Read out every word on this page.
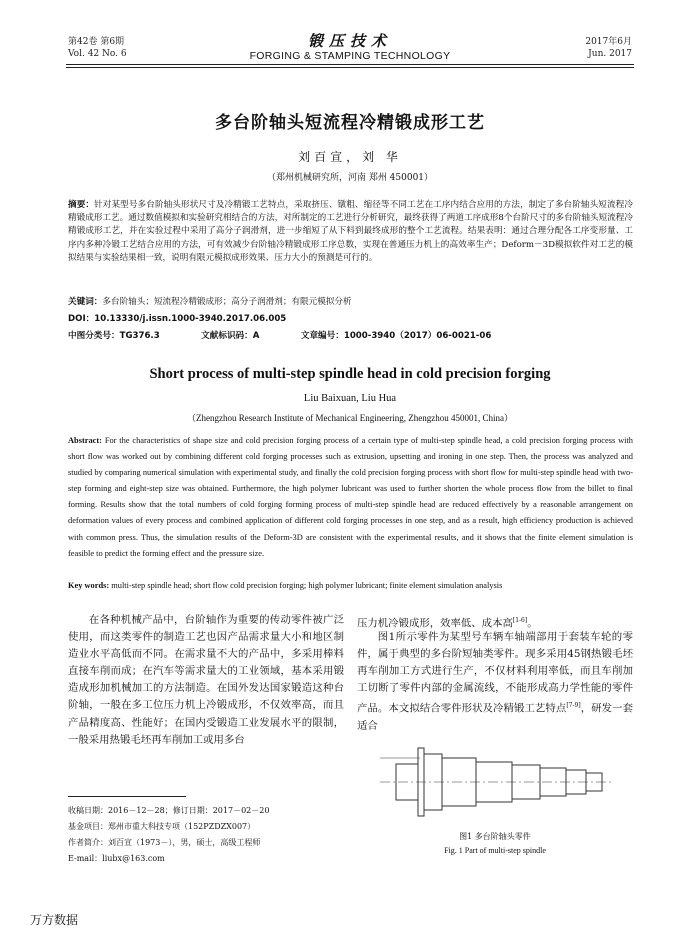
第42卷 第6期
Vol. 42 No. 6
锻压技术
FORGING & STAMPING TECHNOLOGY
2017年6月
Jun. 2017
多台阶轴头短流程冷精锻成形工艺
刘百宣，刘 华
（郑州机械研究所，河南 郑州 450001）
摘要：针对某型号多台阶轴头形状尺寸及冷精锻工艺特点，采取挤压、镦粗、缩径等不同工艺在工序内结合应用的方法，制定了多台阶轴头短流程冷精锻成形工艺。通过数值模拟和实验研究相结合的方法，对所制定的工艺进行分析研究，最终获得了两道工序成形8个台阶尺寸的多台阶轴头短流程冷精锻成形工艺，并在实验过程中采用了高分子润滑剂，进一步缩短了从下料到最终成形的整个工艺流程。结果表明：通过合理分配各工序变形量、工序内多种冷锻工艺结合应用的方法，可有效减少台阶轴冷精锻成形工序总数，实现在普通压力机上的高效率生产；Deform－3D模拟软件对工艺的模拟结果与实验结果相一致，说明有限元模拟成形效果、压力大小的预测是可行的。
关键词：多台阶轴头；短流程冷精锻成形；高分子润滑剂；有限元模拟分析
DOI：10.13330/j.issn.1000-3940.2017.06.005
中图分类号：TG376.3	文献标识码：A	文章编号：1000-3940（2017）06-0021-06
Short process of multi-step spindle head in cold precision forging
Liu Baixuan, Liu Hua
（Zhengzhou Research Institute of Mechanical Engineering, Zhengzhou 450001, China）
Abstract: For the characteristics of shape size and cold precision forging process of a certain type of multi-step spindle head, a cold precision forging process with short flow was worked out by combining different cold forging processes such as extrusion, upsetting and ironing in one step. Then, the process was analyzed and studied by comparing numerical simulation with experimental study, and finally the cold precision forging process with short flow for multi-step spindle head with two-step forming and eight-step size was obtained. Furthermore, the high polymer lubricant was used to further shorten the whole process flow from the billet to final forming. Results show that the total numbers of cold forging forming process of multi-step spindle head are reduced effectively by a reasonable arrangement on deformation values of every process and combined application of different cold forging processes in one step, and as a result, high efficiency production is achieved with common press. Thus, the simulation results of the Deform-3D are consistent with the experimental results, and it shows that the finite element simulation is feasible to predict the forming effect and the pressure size.
Key words: multi-step spindle head; short flow cold precision forging; high polymer lubricant; finite element simulation analysis
在各种机械产品中，台阶轴作为重要的传动零件被广泛使用，而这类零件的制造工艺也因产品需求量大小和地区制造业水平高低而不同。在需求量不大的产品中，多采用棒料直接车削而成；在汽车等需求量大的工业领域，基本采用锻造成形加机械加工的方法制造。在国外发达国家锻造这种台阶轴，一般在多工位压力机上冷锻成形，不仅效率高，而且产品精度高、性能好；在国内受锻造工业发展水平的限制，一般采用热锻毛坯再车削加工或用多台
压力机冷锻成形，效率低、成本高[1-6]。
图1所示零件为某型号车辆车轴端部用于套装车轮的零件，属于典型的多台阶短轴类零件。现多采用45钢热锻毛坯再车削加工方式进行生产，不仅材料利用率低，而且车削加工切断了零件内部的金属流线，不能形成高力学性能的零件产品。本文拟结合零件形状及冷精锻工艺特点[7-9]，研发一套适合
图1 多台阶轴头零件
Fig. 1 Part of multi-step spindle
收稿日期：2016－12－28；修订日期：2017－02－20
基金项目：郑州市重大科技专项（152PZDZX007）
作者简介：刘百宣（1973－），男，硕士，高级工程师
E-mail：liubx@163.com
万方数据
